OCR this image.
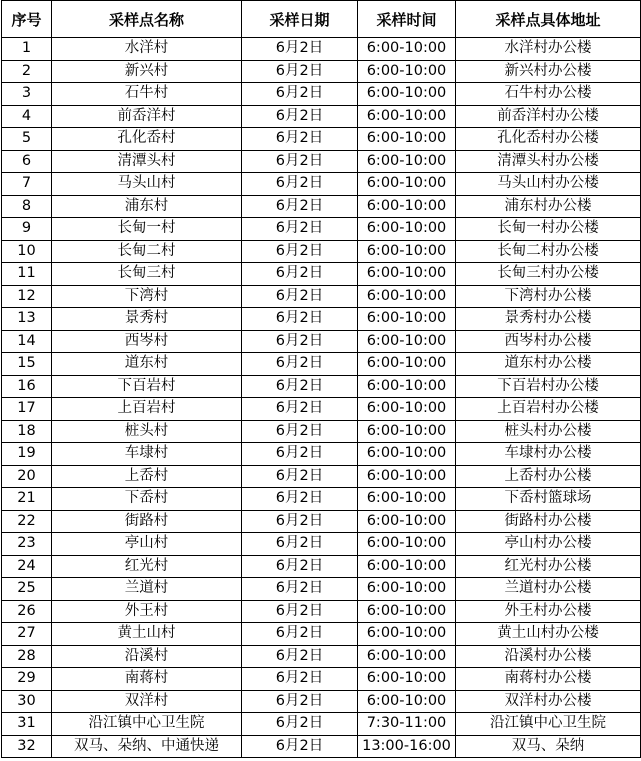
序号	采样点名称	采样日期	采样时间	采样点具体地址
1	水洋村	6月2日	6:00-10:00	水洋村办公楼
2	新兴村	6月2日	6:00-10:00	新兴村办公楼
3	石牛村	6月2日	6:00-10:00	石牛村办公楼
4	前岙洋村	6月2日	6:00-10:00	前岙洋村办公楼
5	孔化岙村	6月2日	6:00-10:00	孔化岙村办公楼
6	清潭头村	6月2日	6:00-10:00	清潭头村办公楼
7	马头山村	6月2日	6:00-10:00	马头山村办公楼
8	浦东村	6月2日	6:00-10:00	浦东村办公楼
9	长甸一村	6月2日	6:00-10:00	长甸一村办公楼
10	长甸二村	6月2日	6:00-10:00	长甸二村办公楼
11	长甸三村	6月2日	6:00-10:00	长甸三村办公楼
12	下湾村	6月2日	6:00-10:00	下湾村办公楼
13	景秀村	6月2日	6:00-10:00	景秀村办公楼
14	西岑村	6月2日	6:00-10:00	西岑村办公楼
15	道东村	6月2日	6:00-10:00	道东村办公楼
16	下百岩村	6月2日	6:00-10:00	下百岩村办公楼
17	上百岩村	6月2日	6:00-10:00	上百岩村办公楼
18	桩头村	6月2日	6:00-10:00	桩头村办公楼
19	车埭村	6月2日	6:00-10:00	车埭村办公楼
20	上岙村	6月2日	6:00-10:00	上岙村办公楼
21	下岙村	6月2日	6:00-10:00	下岙村篮球场
22	街路村	6月2日	6:00-10:00	街路村办公楼
23	亭山村	6月2日	6:00-10:00	亭山村办公楼
24	红光村	6月2日	6:00-10:00	红光村办公楼
25	兰道村	6月2日	6:00-10:00	兰道村办公楼
26	外王村	6月2日	6:00-10:00	外王村办公楼
27	黄土山村	6月2日	6:00-10:00	黄土山村办公楼
28	沿溪村	6月2日	6:00-10:00	沿溪村办公楼
29	南蒋村	6月2日	6:00-10:00	南蒋村办公楼
30	双洋村	6月2日	6:00-10:00	双洋村办公楼
31	沿江镇中心卫生院	6月2日	7:30-11:00	沿江镇中心卫生院
32	双马、朵纳、中通快递	6月2日	13:00-16:00	双马、朵纳
